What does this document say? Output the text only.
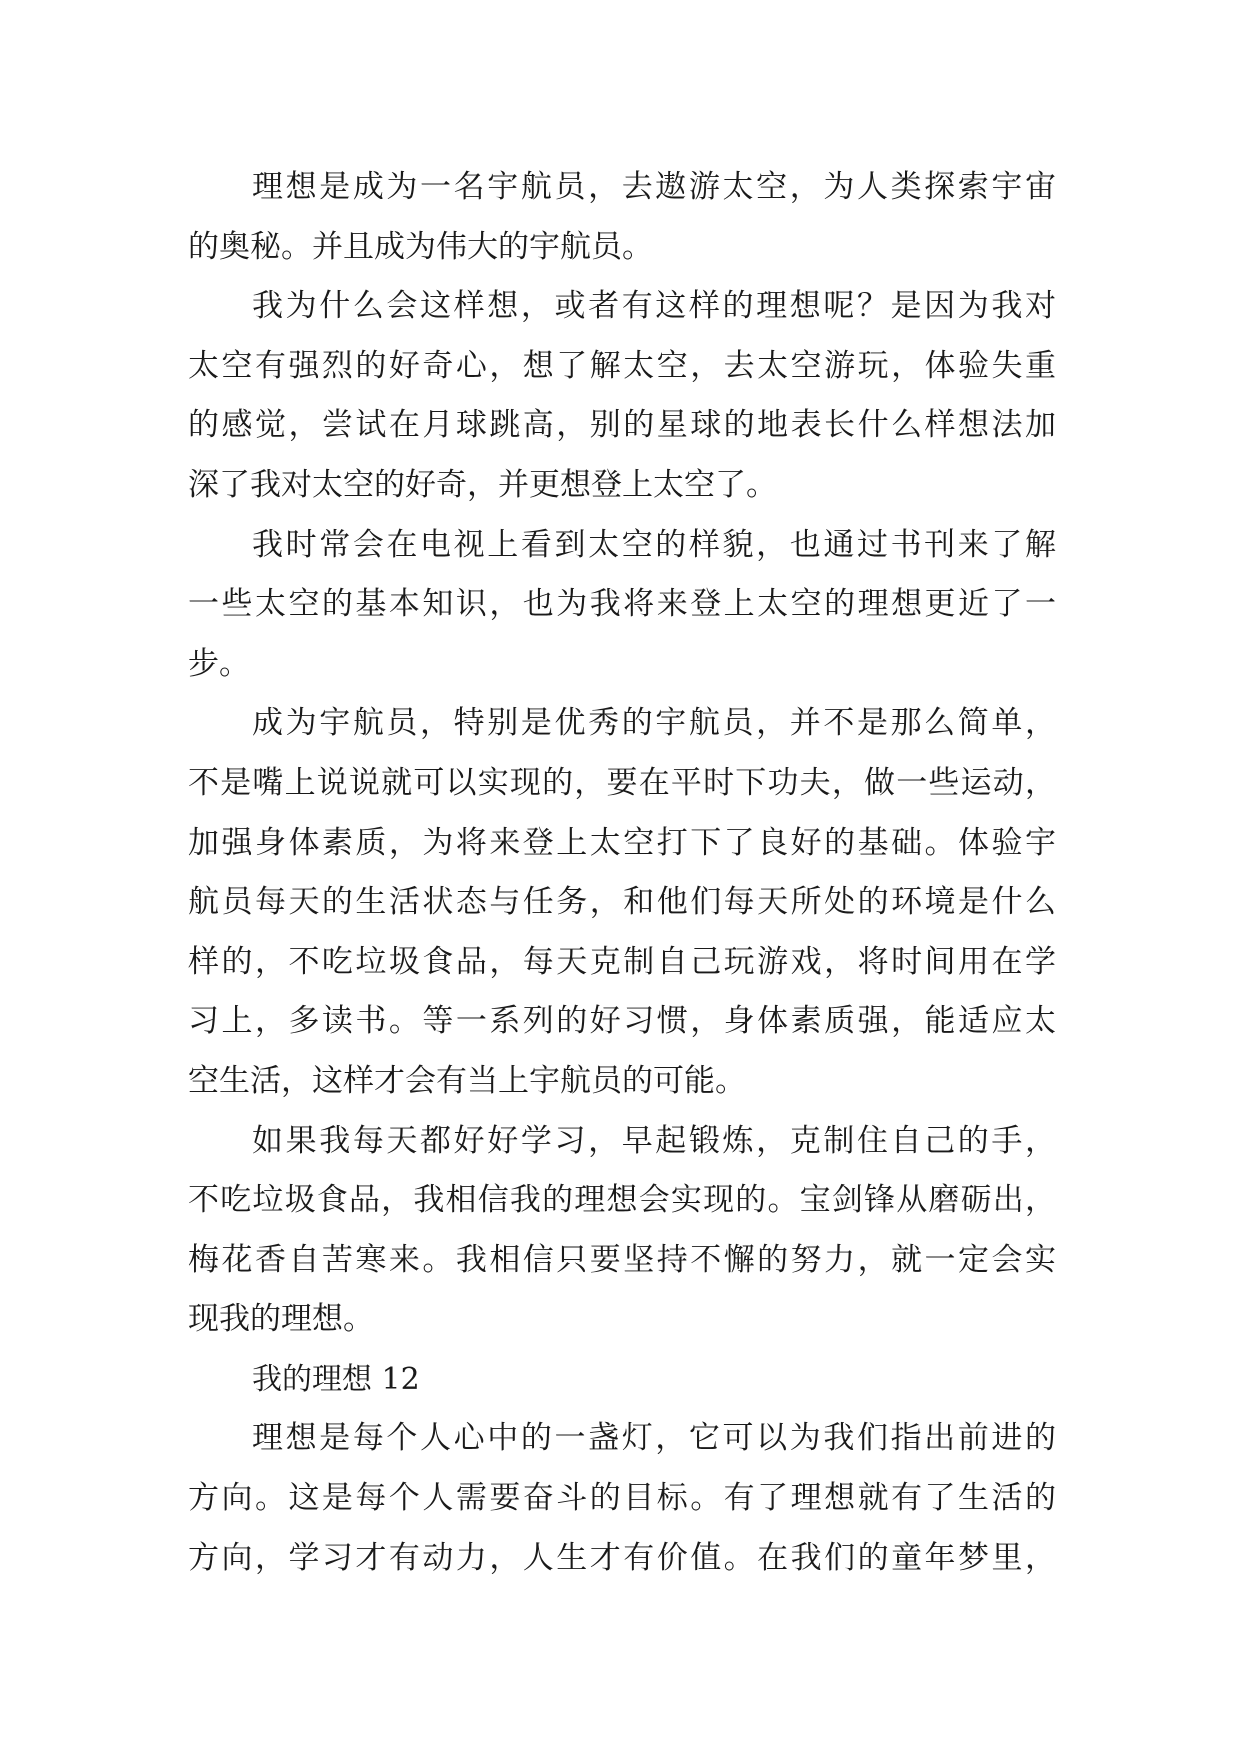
理想是成为一名宇航员，去遨游太空，为人类探索宇宙
的奥秘。并且成为伟大的宇航员。
我为什么会这样想，或者有这样的理想呢？是因为我对
太空有强烈的好奇心，想了解太空，去太空游玩，体验失重
的感觉，尝试在月球跳高，别的星球的地表长什么样想法加
深了我对太空的好奇，并更想登上太空了。
我时常会在电视上看到太空的样貌，也通过书刊来了解
一些太空的基本知识，也为我将来登上太空的理想更近了一
步。
成为宇航员，特别是优秀的宇航员，并不是那么简单，
不是嘴上说说就可以实现的，要在平时下功夫，做一些运动，
加强身体素质，为将来登上太空打下了良好的基础。体验宇
航员每天的生活状态与任务，和他们每天所处的环境是什么
样的，不吃垃圾食品，每天克制自己玩游戏，将时间用在学
习上，多读书。等一系列的好习惯，身体素质强，能适应太
空生活，这样才会有当上宇航员的可能。
如果我每天都好好学习，早起锻炼，克制住自己的手，
不吃垃圾食品，我相信我的理想会实现的。宝剑锋从磨砺出，
梅花香自苦寒来。我相信只要坚持不懈的努力，就一定会实
现我的理想。
我的理想 12
理想是每个人心中的一盏灯，它可以为我们指出前进的
方向。这是每个人需要奋斗的目标。有了理想就有了生活的
方向，学习才有动力，人生才有价值。在我们的童年梦里，
